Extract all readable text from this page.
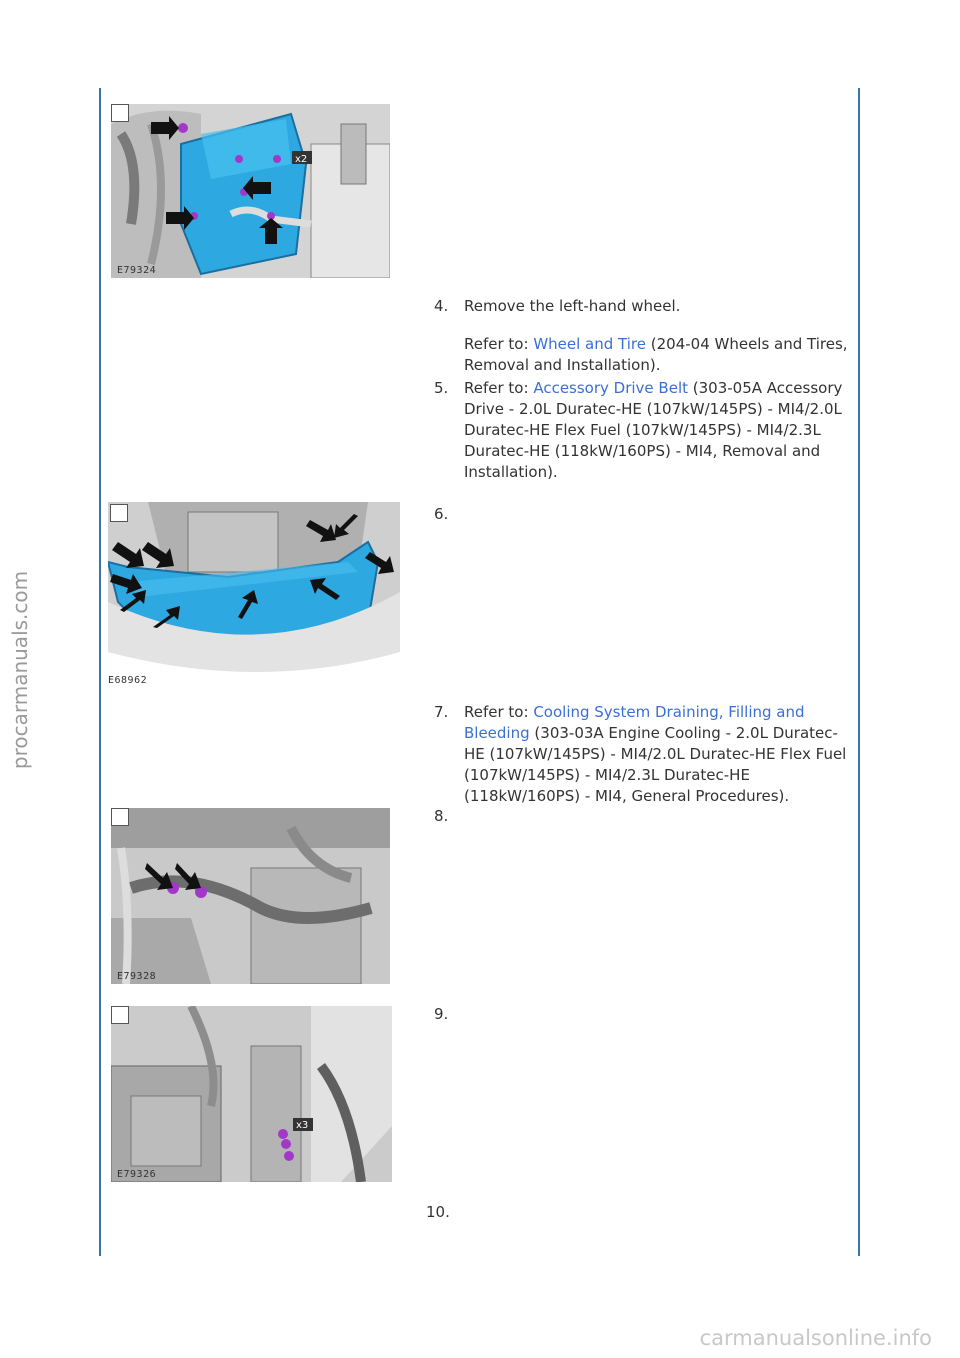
procarmanuals.com
carmanualsonline.info
x2
E79324
4. Remove the left-hand wheel.
Refer to: Wheel and Tire (204-04 Wheels and Tires, Removal and Installation).
5. Refer to: Accessory Drive Belt (303-05A Accessory Drive - 2.0L Duratec-HE (107kW/145PS) - MI4/2.0L Duratec-HE Flex Fuel (107kW/145PS) - MI4/2.3L Duratec-HE (118kW/160PS) - MI4, Removal and Installation).
E68962
6.
7. Refer to: Cooling System Draining, Filling and Bleeding (303-03A Engine Cooling - 2.0L Duratec-HE (107kW/145PS) - MI4/2.0L Duratec-HE Flex Fuel (107kW/145PS) - MI4/2.3L Duratec-HE (118kW/160PS) - MI4, General Procedures).
E79328
8.
x3
E79326
9.
10.
